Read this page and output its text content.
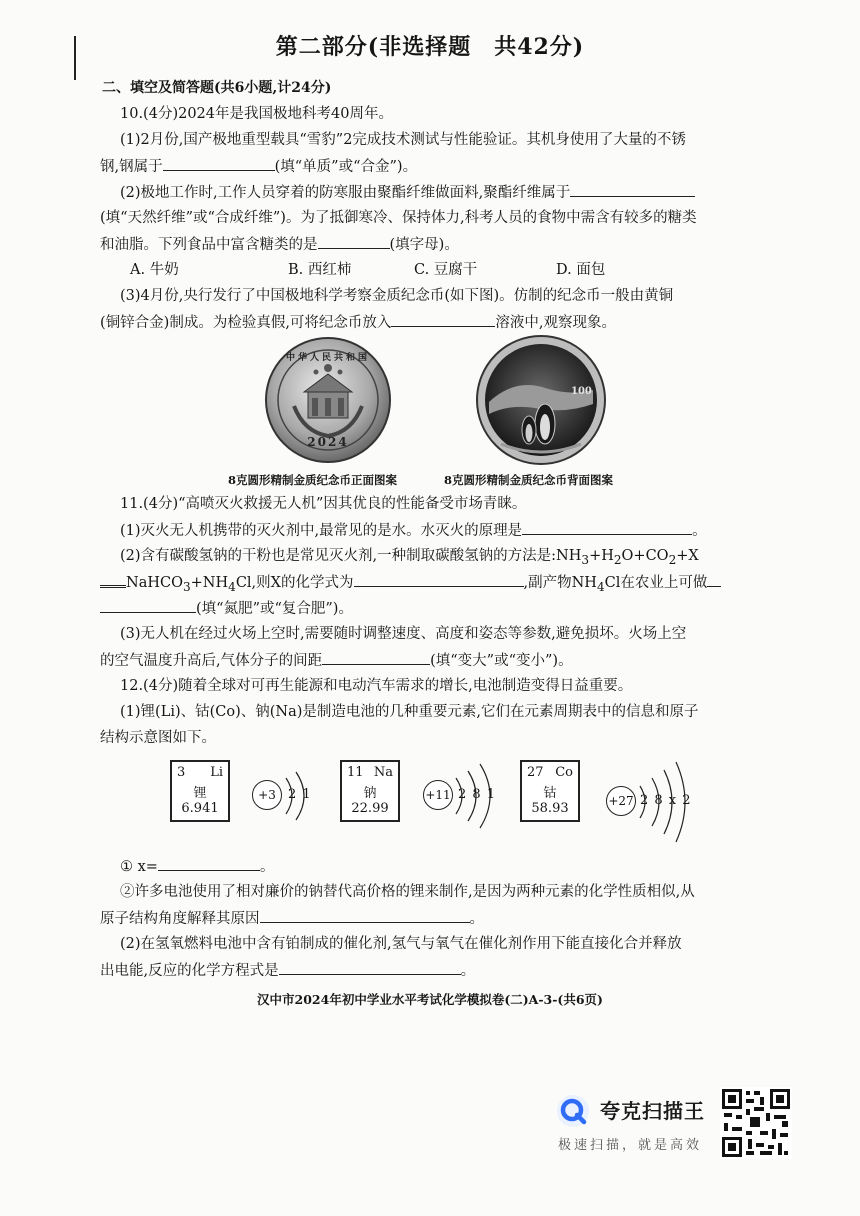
第二部分(非选择题　共42分)
二、填空及简答题(共6小题,计24分)
10.(4分)2024年是我国极地科考40周年。
(1)2月份,国产极地重型载具“雪豹”2完成技术测试与性能验证。其机身使用了大量的不锈
钢,钢属于	(填“单质”或“合金”)。
(2)极地工作时,工作人员穿着的防寒服由聚酯纤维做面料,聚酯纤维属于
(填“天然纤维”或“合成纤维”)。为了抵御寒冷、保持体力,科考人员的食物中需含有较多的糖类
和油脂。下列食品中富含糖类的是	(填字母)。
A. 牛奶	B. 西红柿	C. 豆腐干	D. 面包
(3)4月份,央行发行了中国极地科学考察金质纪念币(如下图)。仿制的纪念币一般由黄铜
(铜锌合金)制成。为检验真假,可将纪念币放入	溶液中,观察现象。
2024
中华人民共和国
100
8克圆形精制金质纪念币正面图案	8克圆形精制金质纪念币背面图案
11.(4分)“高喷灭火救援无人机”因其优良的性能备受市场青睐。
(1)灭火无人机携带的灭火剂中,最常见的是水。水灭火的原理是	。
(2)含有碳酸氢钠的干粉也是常见灭火剂,一种制取碳酸氢钠的方法是$:NH_3+H_2O+CO_2+X$
$NaHCO_3+NH_4Cl$,则X的化学式为	,副产物$NH_4Cl$在农业上可做
(填“氮肥”或“复合肥”)。
(3)无人机在经过火场上空时,需要随时调整速度、高度和姿态等参数,避免损坏。火场上空
的空气温度升高后,气体分子的间距	(填“变大”或“变小”)。
12.(4分)随着全球对可再生能源和电动汽车需求的增长,电池制造变得日益重要。
(1)锂(Li)、钴(Co)、钠(Na)是制造电池的几种重要元素,它们在元素周期表中的信息和原子
结构示意图如下。
3 Li
锂
6.941
+3 2 1
11 Na
钠
22.99
+11 2 8 1
27 Co
钴
58.93	+27 2 8 x 2
① x=	。
②许多电池使用了相对廉价的钠替代高价格的锂来制作,是因为两种元素的化学性质相似,从
原子结构角度解释其原因	。
(2)在氢氧燃料电池中含有铂制成的催化剂,氢气与氧气在催化剂作用下能直接化合并释放
出电能,反应的化学方程式是	。
汉中市2024年初中学业水平考试化学模拟卷(二)A-3-(共6页)
夸克扫描王
极速扫描，就是高效
